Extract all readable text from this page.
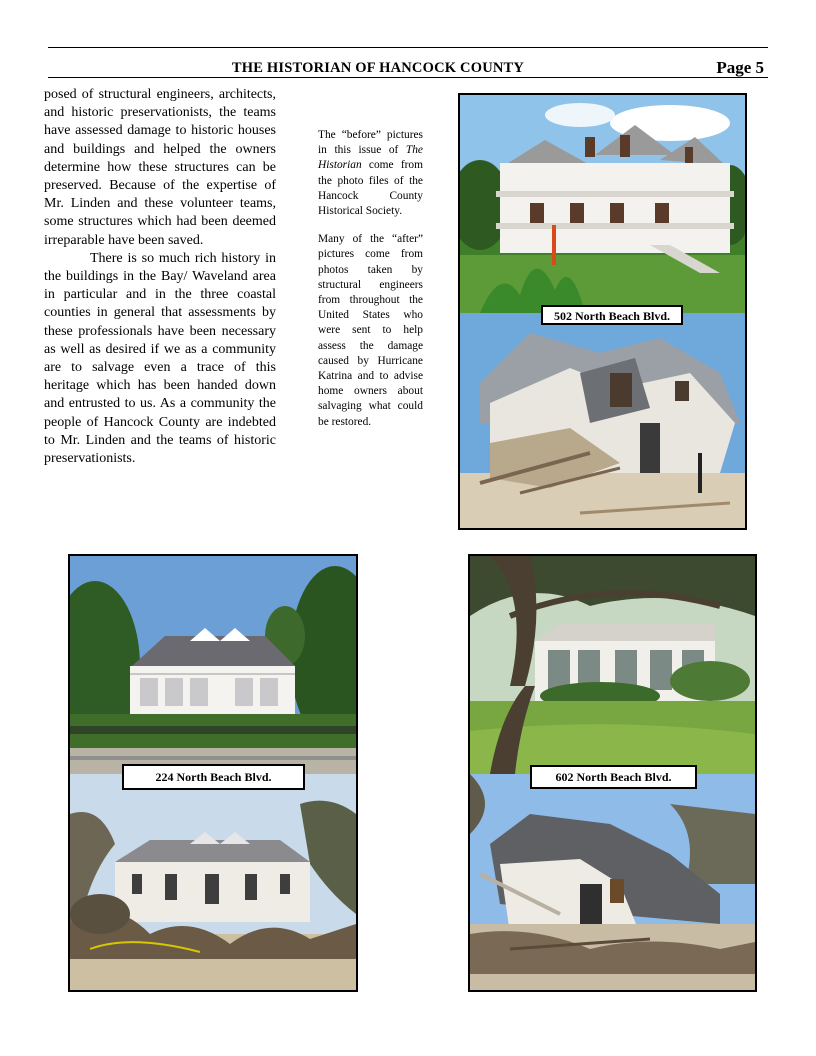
THE HISTORIAN OF HANCOCK COUNTY	Page 5

posed of structural engineers, architects, and historic preservationists, the teams have assessed damage to historic houses and buildings and helped the owners determine how these structures can be preserved. Because of the expertise of Mr. Linden and these volunteer teams, some structures which had been deemed irreparable have been saved.

There is so much rich history in the buildings in the Bay/ Waveland area in particular and in the three coastal counties in general that assessments by these professionals have been necessary as well as desired if we as a community are to salvage even a trace of this heritage which has been handed down and entrusted to us. As a community the people of Hancock County are indebted to Mr. Linden and the teams of historic preservationists.

The “before” pictures in this issue of The Historian come from the photo files of the Hancock County Historical Society.

Many of the “after” pictures come from photos taken by structural engineers from throughout the United States who were sent to help assess the damage caused by Hurricane Katrina and to advise home owners about salvaging what could be restored.

502 North Beach Blvd.
224 North Beach Blvd.	602 North Beach Blvd.
